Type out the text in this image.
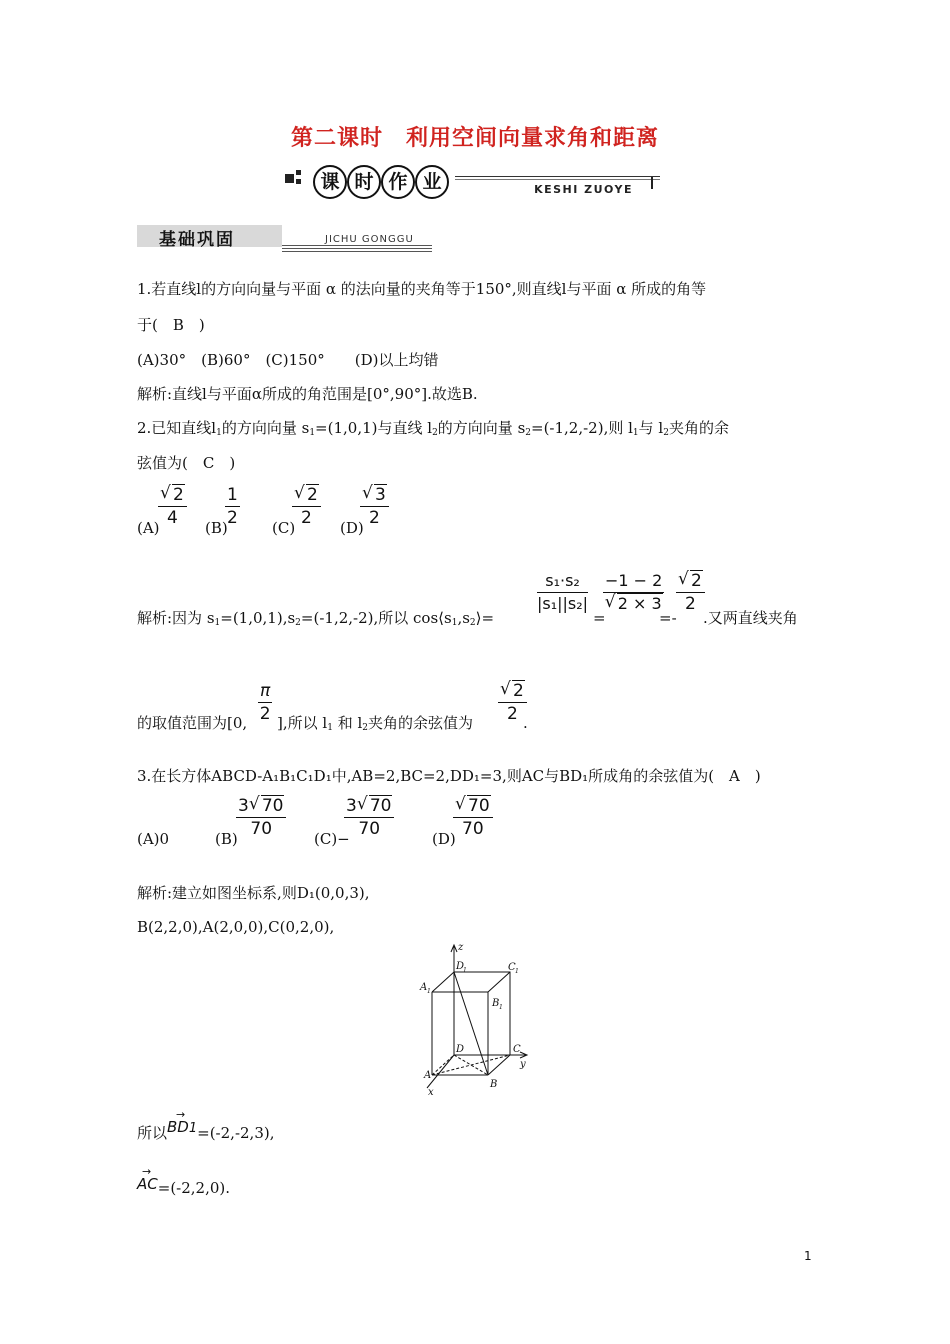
第二课时　利用空间向量求角和距离
课 时 作 业	KESHI ZUOYE
基础巩固	JICHU GONGGU
1.若直线l的方向向量与平面 α 的法向量的夹角等于150°,则直线l与平面 α 所成的角等
于(　B　)
(A)30°　(B)60°　(C)150°　　(D)以上均错
解析:直线l与平面α所成的角范围是[0°,90°].故选B.
2.已知直线$l_1$的方向向量 $s_1=(1,0,1)$与直线 $l_2$的方向向量 $s_2=(-1,2,-2)$,则 $l_1$与 $l_2$夹角的余
弦值为(　C　)
(A)
$\frac{√ 2}{4} (B)$
$\frac{1}{2} (C)$
$\frac{√ 2}{2} (D)$
$\frac{√ 3}{2}$
解析:因为 $s_1=(1,0,1),s_2=(-1,2,-2)$,所以 $\cos⟨s_1,s_2⟩=$
$\frac{\text{s₁·s₂}}{\text{|s₁||s₂|}}$
=
$\frac{-1 - 2}{√ 2 \times 3}$
=-
$\frac{√ 2}{2}$
.又两直线夹角
的取值范围为[0, $\frac{\pi}{2}$ ],所以 $l_1$ 和 $l_2$夹角的余弦值为 $\frac{√ 2}{2}$
.
3.在长方体ABCD-A₁B₁C₁D₁中,AB=2,BC=2,DD₁=3,则AC与BD₁所成角的余弦值为(　A　)
(A)0	(B)
$\frac{3 √ 70}{70} (C)-$
$\frac{3 √ 70}{70}$	(D)
$\frac{√ 70}{70}$
解析:建立如图坐标系,则D₁(0,0,3),
B(2,2,0),A(2,0,0),C(0,2,0),
z
y
x
A
B
C
D
A 1
B 1
C 1
D
1
所以
→
BD1=(-2,-2,3),
→
AC=(-2,2,0).
1
